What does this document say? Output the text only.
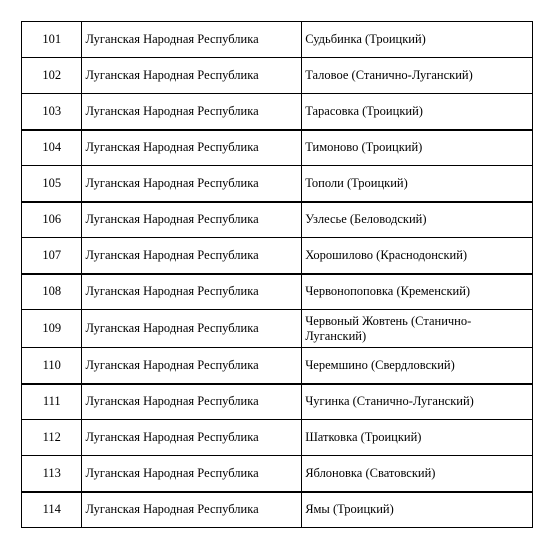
101	Луганская Народная Республика	Судьбинка (Троицкий)
102	Луганская Народная Республика	Таловое (Станично-Луганский)
103	Луганская Народная Республика	Тарасовка (Троицкий)
104	Луганская Народная Республика	Тимоново (Троицкий)
105	Луганская Народная Республика	Тополи (Троицкий)
106	Луганская Народная Республика	Узлесье (Беловодский)
107	Луганская Народная Республика	Хорошилово (Краснодонский)
108	Луганская Народная Республика	Червонопоповка (Кременский)
109	Луганская Народная Республика	Червоный Жовтень (Станично-Луганский)
110	Луганская Народная Республика	Черемшино (Свердловский)
111	Луганская Народная Республика	Чугинка (Станично-Луганский)
112	Луганская Народная Республика	Шатковка (Троицкий)
113	Луганская Народная Республика	Яблоновка (Сватовский)
114	Луганская Народная Республика	Ямы (Троицкий)
